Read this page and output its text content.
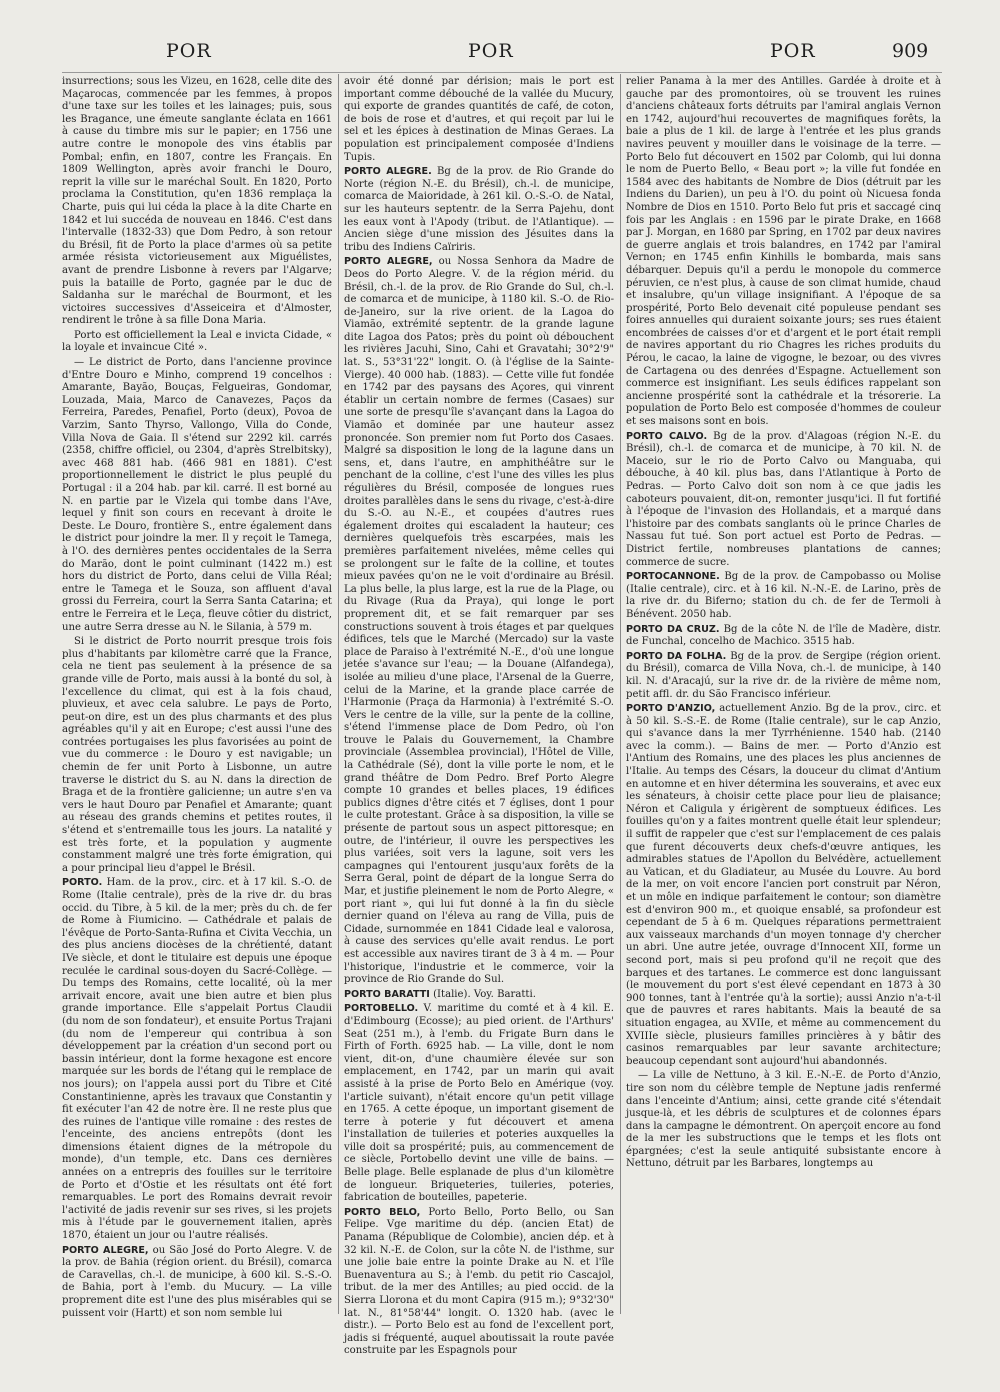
POR	POR	POR	909

insurrections; sous les Vizeu, en 1628, celle dite des Maçarocas, commencée par les femmes, à propos d'une taxe sur les toiles et les lainages; puis, sous les Bragance, une émeute sanglante éclata en 1661 à cause du timbre mis sur le papier; en 1756 une autre contre le monopole des vins établis par Pombal; enfin, en 1807, contre les Français. En 1809 Wellington, après avoir franchi le Douro, reprit la ville sur le maréchal Soult. En 1820, Porto proclama la Constitution, qu'en 1836 remplaça la Charte, puis qui lui céda la place à la dite Charte en 1842 et lui succéda de nouveau en 1846. C'est dans l'intervalle (1832-33) que Dom Pedro, à son retour du Brésil, fit de Porto la place d'armes où sa petite armée résista victorieusement aux Miguélistes, avant de prendre Lisbonne à revers par l'Algarve; puis la bataille de Porto, gagnée par le duc de Saldanha sur le maréchal de Bourmont, et les victoires successives d'Asseiceira et d'Almoster, rendirent le trône à sa fille Dona Maria.

Porto est officiellement la Leal e invicta Cidade, « la loyale et invaincue Cité ».

— Le district de Porto, dans l'ancienne province d'Entre Douro e Minho, comprend 19 concelhos : Amarante, Bayão, Bouças, Felgueiras, Gondomar, Louzada, Maia, Marco de Canavezes, Paços da Ferreira, Paredes, Penafiel, Porto (deux), Povoa de Varzim, Santo Thyrso, Vallongo, Villa do Conde, Villa Nova de Gaia. Il s'étend sur 2292 kil. carrés (2358, chiffre officiel, ou 2304, d'après Strelbitsky), avec 468 881 hab. (466 981 en 1881). C'est proportionnellement le district le plus peuplé du Portugal : il a 204 hab. par kil. carré. Il est borné au N. en partie par le Vizela qui tombe dans l'Ave, lequel y finit son cours en recevant à droite le Deste. Le Douro, frontière S., entre également dans le district pour joindre la mer. Il y reçoit le Tamega, à l'O. des dernières pentes occidentales de la Serra do Marão, dont le point culminant (1422 m.) est hors du district de Porto, dans celui de Villa Réal; entre le Tamega et le Souza, son affluent d'aval grossi du Ferreira, court la Serra Santa Catarina; et entre le Ferreira et le Leça, fleuve côtier du district, une autre Serra dresse au N. le Silania, à 579 m.

Si le district de Porto nourrit presque trois fois plus d'habitants par kilomètre carré que la France, cela ne tient pas seulement à la présence de sa grande ville de Porto, mais aussi à la bonté du sol, à l'excellence du climat, qui est à la fois chaud, pluvieux, et avec cela salubre. Le pays de Porto, peut-on dire, est un des plus charmants et des plus agréables qu'il y ait en Europe; c'est aussi l'une des contrées portugaises les plus favorisées au point de vue du commerce : le Douro y est navigable; un chemin de fer unit Porto à Lisbonne, un autre traverse le district du S. au N. dans la direction de Braga et de la frontière galicienne; un autre s'en va vers le haut Douro par Penafiel et Amarante; quant au réseau des grands chemins et petites routes, il s'étend et s'entremaille tous les jours. La natalité y est très forte, et la population y augmente constamment malgré une très forte émigration, qui a pour principal lieu d'appel le Brésil.

PORTO. Ham. de la prov., circ. et à 17 kil. S.-O. de Rome (Italie centrale), près de la rive dr. du bras occid. du Tibre, à 5 kil. de la mer; près du ch. de fer de Rome à Fiumicino. — Cathédrale et palais de l'évêque de Porto-Santa-Rufina et Civita Vecchia, un des plus anciens diocèses de la chrétienté, datant IVe siècle, et dont le titulaire est depuis une époque reculée le cardinal sous-doyen du Sacré-Collège. — Du temps des Romains, cette localité, où la mer arrivait encore, avait une bien autre et bien plus grande importance. Elle s'appelait Portus Claudii (du nom de son fondateur), et ensuite Portus Trajani (du nom de l'empereur qui contribua à son développement par la création d'un second port ou bassin intérieur, dont la forme hexagone est encore marquée sur les bords de l'étang qui le remplace de nos jours); on l'appela aussi port du Tibre et Cité Constantinienne, après les travaux que Constantin y fit exécuter l'an 42 de notre ère. Il ne reste plus que des ruines de l'antique ville romaine : des restes de l'enceinte, des anciens entrepôts (dont les dimensions étaient dignes de la métropole du monde), d'un temple, etc. Dans ces dernières années on a entrepris des fouilles sur le territoire de Porto et d'Ostie et les résultats ont été fort remarquables. Le port des Romains devrait revoir l'activité de jadis revenir sur ses rives, si les projets mis à l'étude par le gouvernement italien, après 1870, étaient un jour ou l'autre réalisés.

PORTO ALEGRE, ou São José do Porto Alegre. V. de la prov. de Bahia (région orient. du Brésil), comarca de Caravellas, ch.-l. de municipe, à 600 kil. S.-S.-O. de Bahia, port à l'emb. du Mucury. — La ville proprement dite est l'une des plus misérables qui se puissent voir (Hartt) et son nom semble lui

avoir été donné par dérision; mais le port est important comme débouché de la vallée du Mucury, qui exporte de grandes quantités de café, de coton, de bois de rose et d'autres, et qui reçoit par lui le sel et les épices à destination de Minas Geraes. La population est principalement composée d'Indiens Tupis.

PORTO ALEGRE. Bg de la prov. de Rio Grande do Norte (région N.-E. du Brésil), ch.-l. de municipe, comarca de Maioridade, à 261 kil. O.-S.-O. de Natal, sur les hauteurs septentr. de la Serra Pajehu, dont les eaux vont à l'Apody (tribut. de l'Atlantique). — Ancien siège d'une mission des Jésuites dans la tribu des Indiens Caïriris.

PORTO ALEGRE, ou Nossa Senhora da Madre de Deos do Porto Alegre. V. de la région mérid. du Brésil, ch.-l. de la prov. de Rio Grande do Sul, ch.-l. de comarca et de municipe, à 1180 kil. S.-O. de Rio-de-Janeiro, sur la rive orient. de la Lagoa do Viamão, extrémité septentr. de la grande lagune dite Lagoa dos Patos; près du point où débouchent les rivières Jacuhi, Sino, Cahi et Gravatahi; 30°2'9" lat. S., 53°31'22" longit. O. (à l'église de la Sainte-Vierge). 40 000 hab. (1883). — Cette ville fut fondée en 1742 par des paysans des Açores, qui vinrent établir un certain nombre de fermes (Casaes) sur une sorte de presqu'île s'avançant dans la Lagoa do Viamão et dominée par une hauteur assez prononcée. Son premier nom fut Porto dos Casaes. Malgré sa disposition le long de la lagune dans un sens, et, dans l'autre, en amphithéâtre sur le penchant de la colline, c'est l'une des villes les plus régulières du Brésil, composée de longues rues droites parallèles dans le sens du rivage, c'est-à-dire du S.-O. au N.-E., et coupées d'autres rues également droites qui escaladent la hauteur; ces dernières quelquefois très escarpées, mais les premières parfaitement nivelées, même celles qui se prolongent sur le faîte de la colline, et toutes mieux pavées qu'on ne le voit d'ordinaire au Brésil. La plus belle, la plus large, est la rue de la Plage, ou du Rivage (Rua da Praya), qui longe le port proprement dit, et se fait remarquer par ses constructions souvent à trois étages et par quelques édifices, tels que le Marché (Mercado) sur la vaste place de Paraiso à l'extrémité N.-E., d'où une longue jetée s'avance sur l'eau; — la Douane (Alfandega), isolée au milieu d'une place, l'Arsenal de la Guerre, celui de la Marine, et la grande place carrée de l'Harmonie (Praça da Harmonia) à l'extrémité S.-O. Vers le centre de la ville, sur la pente de la colline, s'étend l'immense place de Dom Pedro, où l'on trouve le Palais du Gouvernement, la Chambre provinciale (Assemblea provincial), l'Hôtel de Ville, la Cathédrale (Sé), dont la ville porte le nom, et le grand théâtre de Dom Pedro. Bref Porto Alegre compte 10 grandes et belles places, 19 édifices publics dignes d'être cités et 7 églises, dont 1 pour le culte protestant. Grâce à sa disposition, la ville se présente de partout sous un aspect pittoresque; en outre, de l'intérieur, il ouvre les perspectives les plus variées, soit vers la lagune, soit vers les campagnes qui l'entourent jusqu'aux forêts de la Serra Geral, point de départ de la longue Serra do Mar, et justifie pleinement le nom de Porto Alegre, « port riant », qui lui fut donné à la fin du siècle dernier quand on l'éleva au rang de Villa, puis de Cidade, surnommée en 1841 Cidade leal e valorosa, à cause des services qu'elle avait rendus. Le port est accessible aux navires tirant de 3 à 4 m. — Pour l'historique, l'industrie et le commerce, voir la province de Rio Grande do Sul.

PORTO BARATTI (Italie). Voy. Baratti.

PORTOBELLO. V. maritime du comté et à 4 kil. E. d'Edimbourg (Ecosse); au pied orient. de l'Arthurs' Seat (251 m.), à l'emb. du Frigate Burn dans le Firth of Forth. 6925 hab. — La ville, dont le nom vient, dit-on, d'une chaumière élevée sur son emplacement, en 1742, par un marin qui avait assisté à la prise de Porto Belo en Amérique (voy. l'article suivant), n'était encore qu'un petit village en 1765. A cette époque, un important gisement de terre à poterie y fut découvert et amena l'installation de tuileries et poteries auxquelles la ville doit sa prospérité; puis, au commencement de ce siècle, Portobello devint une ville de bains. — Belle plage. Belle esplanade de plus d'un kilomètre de longueur. Briqueteries, tuileries, poteries, fabrication de bouteilles, papeterie.

PORTO BELO, Porto Bello, Porto Bello, ou San Felipe. Vge maritime du dép. (ancien Etat) de Panama (République de Colombie), ancien dép. et à 32 kil. N.-E. de Colon, sur la côte N. de l'isthme, sur une jolie baie entre la pointe Drake au N. et l'île Buenaventura au S.; à l'emb. du petit rio Cascajol, tribut. de la mer des Antilles; au pied occid. de la Sierra Llorona et du mont Capira (915 m.); 9°32'30" lat. N., 81°58'44" longit. O. 1320 hab. (avec le distr.). — Porto Belo est au fond de l'excellent port, jadis si fréquenté, auquel aboutissait la route pavée construite par les Espagnols pour

relier Panama à la mer des Antilles. Gardée à droite et à gauche par des promontoires, où se trouvent les ruines d'anciens châteaux forts détruits par l'amiral anglais Vernon en 1742, aujourd'hui recouvertes de magnifiques forêts, la baie a plus de 1 kil. de large à l'entrée et les plus grands navires peuvent y mouiller dans le voisinage de la terre. — Porto Belo fut découvert en 1502 par Colomb, qui lui donna le nom de Puerto Bello, « Beau port »; la ville fut fondée en 1584 avec des habitants de Nombre de Dios (détruit par les Indiens du Darien), un peu à l'O. du point où Nicuesa fonda Nombre de Dios en 1510. Porto Belo fut pris et saccagé cinq fois par les Anglais : en 1596 par le pirate Drake, en 1668 par J. Morgan, en 1680 par Spring, en 1702 par deux navires de guerre anglais et trois balandres, en 1742 par l'amiral Vernon; en 1745 enfin Kinhills le bombarda, mais sans débarquer. Depuis qu'il a perdu le monopole du commerce péruvien, ce n'est plus, à cause de son climat humide, chaud et insalubre, qu'un village insignifiant. A l'époque de sa prospérité, Porto Belo devenait cité populeuse pendant ses foires annuelles qui duraient soixante jours; ses rues étaient encombrées de caisses d'or et d'argent et le port était rempli de navires apportant du rio Chagres les riches produits du Pérou, le cacao, la laine de vigogne, le bezoar, ou des vivres de Cartagena ou des denrées d'Espagne. Actuellement son commerce est insignifiant. Les seuls édifices rappelant son ancienne prospérité sont la cathédrale et la trésorerie. La population de Porto Belo est composée d'hommes de couleur et ses maisons sont en bois.

PORTO CALVO. Bg de la prov. d'Alagoas (région N.-E. du Brésil), ch.-l. de comarca et de municipe, à 70 kil. N. de Maceio, sur le rio de Porto Calvo ou Manguaba, qui débouche, à 40 kil. plus bas, dans l'Atlantique à Porto de Pedras. — Porto Calvo doit son nom à ce que jadis les caboteurs pouvaient, dit-on, remonter jusqu'ici. Il fut fortifié à l'époque de l'invasion des Hollandais, et a marqué dans l'histoire par des combats sanglants où le prince Charles de Nassau fut tué. Son port actuel est Porto de Pedras. — District fertile, nombreuses plantations de cannes; commerce de sucre.

PORTOCANNONE. Bg de la prov. de Campobasso ou Molise (Italie centrale), circ. et à 16 kil. N.-N.-E. de Larino, près de la rive dr. du Biferno; station du ch. de fer de Termoli à Bénévent. 2050 hab.

PORTO DA CRUZ. Bg de la côte N. de l'île de Madère, distr. de Funchal, concelho de Machico. 3515 hab.

PORTO DA FOLHA. Bg de la prov. de Sergipe (région orient. du Brésil), comarca de Villa Nova, ch.-l. de municipe, à 140 kil. N. d'Aracajú, sur la rive dr. de la rivière de même nom, petit affl. dr. du São Francisco inférieur.

PORTO D'ANZIO, actuellement Anzio. Bg de la prov., circ. et à 50 kil. S.-S.-E. de Rome (Italie centrale), sur le cap Anzio, qui s'avance dans la mer Tyrrhénienne. 1540 hab. (2140 avec la comm.). — Bains de mer. — Porto d'Anzio est l'Antium des Romains, une des places les plus anciennes de l'Italie. Au temps des Césars, la douceur du climat d'Antium en automne et en hiver détermina les souverains, et avec eux les sénateurs, à choisir cette place pour lieu de plaisance; Néron et Caligula y érigèrent de somptueux édifices. Les fouilles qu'on y a faites montrent quelle était leur splendeur; il suffit de rappeler que c'est sur l'emplacement de ces palais que furent découverts deux chefs-d'œuvre antiques, les admirables statues de l'Apollon du Belvédère, actuellement au Vatican, et du Gladiateur, au Musée du Louvre. Au bord de la mer, on voit encore l'ancien port construit par Néron, et un môle en indique parfaitement le contour; son diamètre est d'environ 900 m., et quoique ensablé, sa profondeur est cependant de 5 à 6 m. Quelques réparations permettraient aux vaisseaux marchands d'un moyen tonnage d'y chercher un abri. Une autre jetée, ouvrage d'Innocent XII, forme un second port, mais si peu profond qu'il ne reçoit que des barques et des tartanes. Le commerce est donc languissant (le mouvement du port s'est élevé cependant en 1873 à 30 900 tonnes, tant à l'entrée qu'à la sortie); aussi Anzio n'a-t-il que de pauvres et rares habitants. Mais la beauté de sa situation engagea, au XVIIe, et même au commencement du XVIIIe siècle, plusieurs familles princières à y bâtir des casinos remarquables par leur savante architecture; beaucoup cependant sont aujourd'hui abandonnés.

— La ville de Nettuno, à 3 kil. E.-N.-E. de Porto d'Anzio, tire son nom du célèbre temple de Neptune jadis renfermé dans l'enceinte d'Antium; ainsi, cette grande cité s'étendait jusque-là, et les débris de sculptures et de colonnes épars dans la campagne le démontrent. On aperçoit encore au fond de la mer les substructions que le temps et les flots ont épargnées; c'est la seule antiquité subsistante encore à Nettuno, détruit par les Barbares, longtemps au
